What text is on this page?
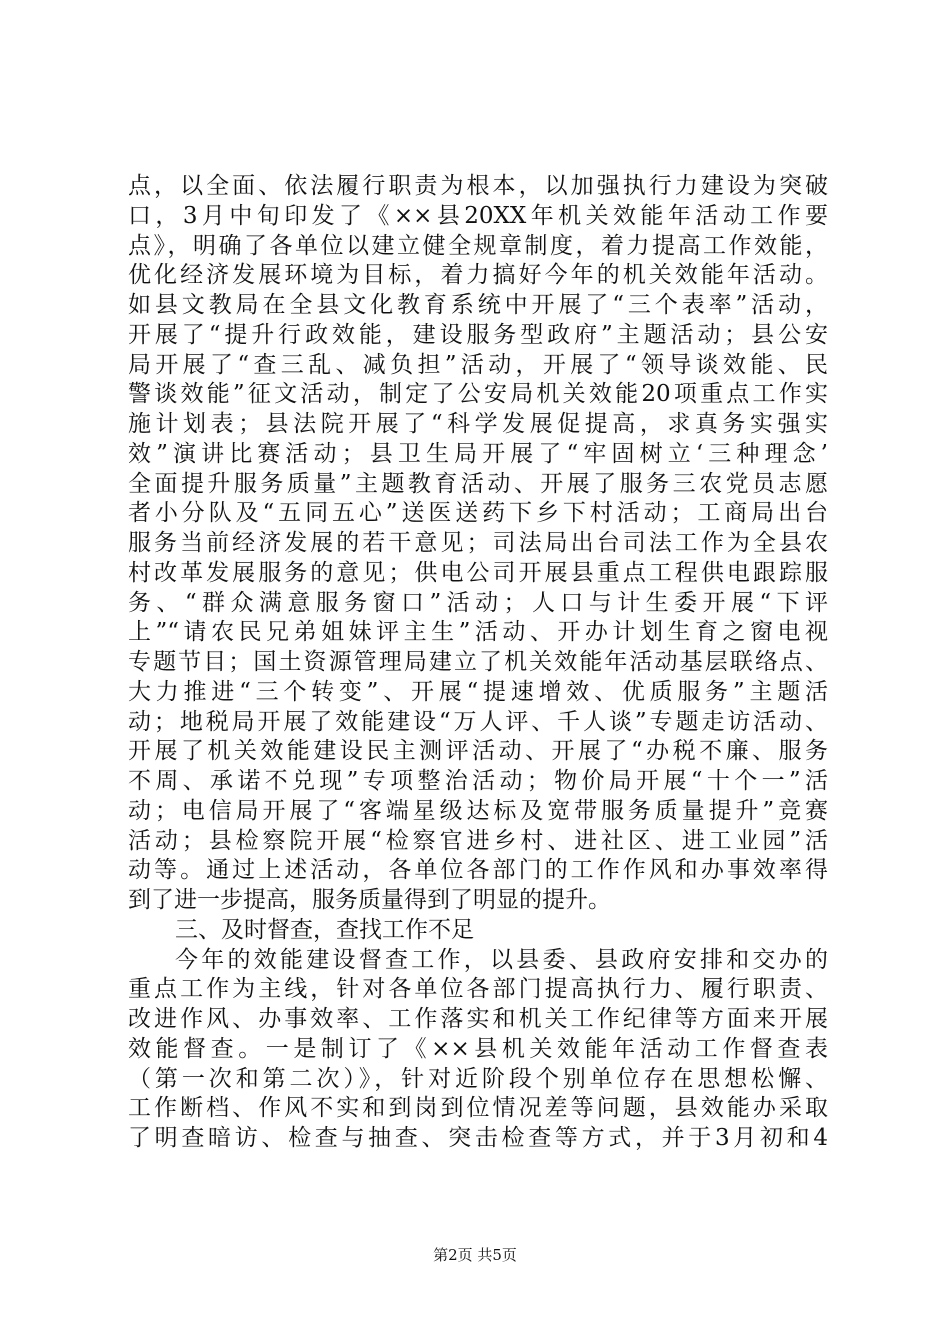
点，以全面、依法履行职责为根本，以加强执行力建设为突破
口，3月中旬印发了《××县20XX年机关效能年活动工作要
点》，明确了各单位以建立健全规章制度，着力提高工作效能，
优化经济发展环境为目标，着力搞好今年的机关效能年活动。
如县文教局在全县文化教育系统中开展了“三个表率”活动，
开展了“提升行政效能，建设服务型政府”主题活动；县公安
局开展了“查三乱、减负担”活动，开展了“领导谈效能、民
警谈效能”征文活动，制定了公安局机关效能20项重点工作实
施计划表；县法院开展了“科学发展促提高，求真务实强实
效”演讲比赛活动；县卫生局开展了“牢固树立‘三种理念’
全面提升服务质量”主题教育活动、开展了服务三农党员志愿
者小分队及“五同五心”送医送药下乡下村活动；工商局出台
服务当前经济发展的若干意见；司法局出台司法工作为全县农
村改革发展服务的意见；供电公司开展县重点工程供电跟踪服
务、“群众满意服务窗口”活动；人口与计生委开展“下评
上”“请农民兄弟姐妹评主生”活动、开办计划生育之窗电视
专题节目；国土资源管理局建立了机关效能年活动基层联络点、
大力推进“三个转变”、开展“提速增效、优质服务”主题活
动；地税局开展了效能建设“万人评、千人谈”专题走访活动、
开展了机关效能建设民主测评活动、开展了“办税不廉、服务
不周、承诺不兑现”专项整治活动；物价局开展“十个一”活
动；电信局开展了“客端星级达标及宽带服务质量提升”竞赛
活动；县检察院开展“检察官进乡村、进社区、进工业园”活
动等。通过上述活动，各单位各部门的工作作风和办事效率得
到了进一步提高，服务质量得到了明显的提升。
三、及时督查，查找工作不足
今年的效能建设督查工作，以县委、县政府安排和交办的
重点工作为主线，针对各单位各部门提高执行力、履行职责、
改进作风、办事效率、工作落实和机关工作纪律等方面来开展
效能督查。一是制订了《××县机关效能年活动工作督查表
（第一次和第二次）》，针对近阶段个别单位存在思想松懈、
工作断档、作风不实和到岗到位情况差等问题，县效能办采取
了明查暗访、检查与抽查、突击检查等方式，并于3月初和4
第2页 共5页
